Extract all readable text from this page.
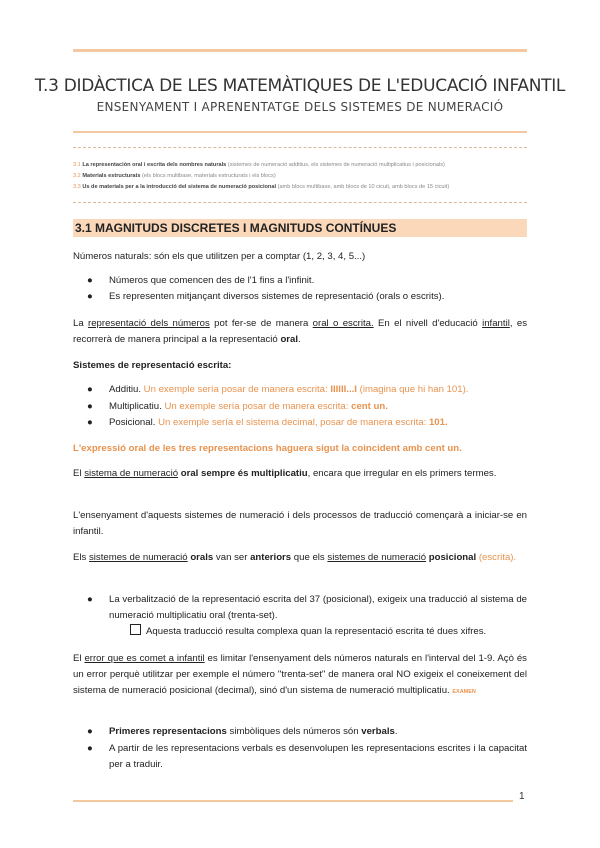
T.3 DIDÀCTICA DE LES MATEMÀTIQUES DE L'EDUCACIÓ INFANTIL
ENSENYAMENT I APRENENTATGE DELS SISTEMES DE NUMERACIÓ
3.1 La representación oral i escrita dels nombres naturals (sistemes de numeració additius, els sistemes de numeració multiplicatius i posicionals)
3.2 Materials estructurats (els blocs multibase, materials estructurats i els blocs)
3.3 Us de materials per a la introducció del sistema de numeració posicional (amb blocs multibase, amb blocs de 10 cicuit, amb blocs de 15 cicuit)
3.1 MAGNITUDS DISCRETES I MAGNITUDS CONTÍNUES
Números naturals: són els que utilitzen per a comptar (1, 2, 3, 4, 5...)
●	Números que comencen des de l'1 fins a l'infinit.
●	Es representen mitjançant diversos sistemes de representació (orals o escrits).
La representació dels números pot fer-se de manera oral o escrita. En el nivell d'educació infantil, es recorrerà de manera principal a la representació oral.
Sistemes de representació escrita:
●	Additiu. Un exemple sería posar de manera escrita: IIIIII...I (imagina que hi han 101).
●	Multiplicatiu. Un exemple sería posar de manera escrita: cent un.
●	Posicional. Un exemple sería el sistema decimal, posar de manera escrita: 101.
L'expressió oral de les tres representacions haguera sigut la coincident amb cent un.
El sistema de numeració oral sempre és multiplicatiu, encara que irregular en els primers termes.
L'ensenyament d'aquests sistemes de numeració i dels processos de traducció començarà a iniciar-se en infantil.
Els sistemes de numeració orals van ser anteriors que els sistemes de numeració posicional (escrita).
●	La verbalització de la representació escrita del 37 (posicional), exigeix una traducció al sistema de numeració multiplicatiu oral (trenta-set).
Aquesta traducció resulta complexa quan la representació escrita té dues xifres.
El error que es comet a infantil es limitar l'ensenyament dels números naturals en l'interval del 1-9. Açò és un error perquè utilitzar per exemple el número "trenta-set" de manera oral NO exigeix el coneixement del sistema de numeració posicional (decimal), sinó d'un sistema de numeració multiplicatiu. EXAMEN
●	Primeres representacions simbòliques dels números són verbals.
●	A partir de les representacions verbals es desenvolupen les representacions escrites i la capacitat per a traduir.
1
